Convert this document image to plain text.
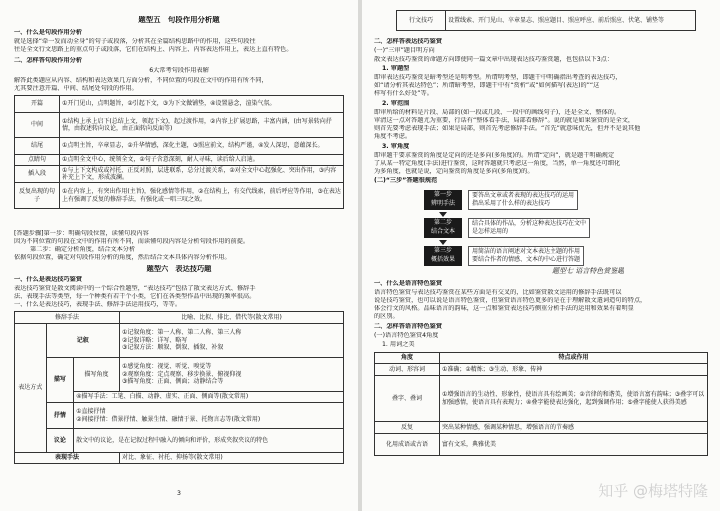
题型五　句段作用分析题
一、什么是句段作用分析
就是选择“牵一发而动全身”的句子或段落，分析其在全篇结构思路中的作用，这些句段往
往是全文行文思路上的重点句子或段落，它们在结构上、内容上、内容表达作用上，表达上直有特色。
二、怎样答句段作用分析
6大常考句段作用表解
解答此类题应从内容、结构和表达效果几方面分析，不同位置的句段在文中的作用有所不同，
尤其要注意开篇、中间、结尾处句段的作用。
开篇	①开门见山，点明题旨，②引起下文，③为下文做铺垫，④设置悬念，渲染气氛。
中间	①结构上承上启下(总结上文，领起下文)，起过渡作用，②内容上扩展思路，丰富内涵，(由写景转向抒情，由叙述转向议论，由正面转向反面等)
结尾	①点明主旨，卒章显志，②升华情感，深化主题，③照应前文，结构严谨，④发人深思，意蕴深长。
点睛句	①点明全文中心，统领全文，②句子含意深刻，耐人寻味，读后给人启迪。
插入段	①与上下文构成或衬托、正反对照，层进联系，总分过渡关系，②对全文中心起强化、突出作用，③内容补充上下文，形成波澜。
反复出现的句子	①在内容上，有突出作用(主旨)，强化感情等作用，②在结构上，有交代线索，前后呼应等作用，③在表达上有强调了反复的修辞手法，有强化或一唱三叹之效。
[答题步骤]第一步：明确句段位置，读懂句段内容
因为不同位置的句段在文中的作用有所不同，而读懂句段内容是分析句段作用的前提。
第二步：确定分析角度，结合文本分析
依据句段位置，确定对句段作用分析的角度，然后结合文本具体内容分析作用。
题型六　表达技巧题
一、什么是表达技巧鉴赏
表达技巧鉴赏是散文阅读中的一个综合性题型，“表达技巧”包括了散文表达方式、修辞手
法、表现手法等类型，每一个种类有若干个小类，它们在各类型作品中出现的频率很高。
一、什么是表达技巧，表现手法、修辞手法运用技巧，等等。
修辞手法			比喻、比拟、排比、借代等(散文常用)
表达方式	记叙		①记叙角度：第一人称、第二人称、第三人称
②记叙详略：详写、略写
③记叙方法：顺叙、倒叙、插叙、补叙
	描写	描写角度	①感觉角度：视觉、听觉、嗅觉等
②观察角度：定点观察、移步换景、俯视仰视
③描写角度：正面、侧面；动静结合等
		④描写手法：工笔、白描、动静、虚实、正面、侧面等(散文常用)	
	抒情	①直接抒情
②间接抒情：借景抒情、触景生情、融情于景、托物言志等(散文常用)	
	议论	散文中的议论，是在记叙过程中融入的倾向和评价，形成夹叙夹议的特色	
表现手法			对比、象征、衬托、抑扬等(散文常用)
3
行文技巧	设置线索、开门见山、卒章显志、照应题目、照应呼应、前后照应、伏笔、铺垫等
二、怎样答表达技巧鉴赏
(一)“三审”题目明方向
散文表达技巧鉴赏的命题方向即使同一篇文章中出现表达技巧鉴赏题，也包括以下3点：
1. 审题型
即审表达技巧鉴赏是暗考型还是明考型。所谓明考型，即题干中明确指出考查的表达技巧，
如“请分析其表达特色”；所谓暗考型，即题干中有“赏析”或“如何描写(表达)的”“这
样写有什么好处”等。
2. 审范围
即审所给的材料是片段、局部的(如一段或几段、一段中的画线句子)，还是全文、整体的。
审清这一点对答题尤为重要，行话有“整体看手法，局部看修辞”。说的就是如果鉴赏的是全文，
则首先要考虑表现手法；如果是局部，则首先考虑修辞手法。“首先”就意味优先，但并不是说其他
角度不考虑。
3. 审角度
即审题干要求鉴赏的角度是定向的还是多向(多角度)的。所谓“定向”，就是题干明确规定
了从某一特定角度(手法)进行鉴赏，这时答题就只考虑这一角度，当然，单一角度还可细化
为多角度，也就是说，定向鉴赏的角度是多向(多角度)的。
(二)“三步”答题很规范
第一步
辨明手法
要答出文章或者表现的表达技巧的运用
指出采用了什么样的表达技巧
第二步
结合文本
结合具体的作品，分析这种表达技巧在文中
是怎样运用的
第三步
概括效果
用简洁的语言阐述对文本表达主题的作用
要结合作者的情感、文本的中心进行答题
题型七 语言特色赏鉴题
一、什么是语言特色鉴赏
语言特色鉴赏与表达技巧鉴赏在某些方面是有交叉的，比如鉴赏散文运用的修辞手法既可以
说是技巧鉴赏，也可以说是语言特色鉴赏，但鉴赏语言特色更多的是在于理解散文遣词造句的特点，
体会行文的风格。品味语言的韵味，这一点和鉴赏表达技巧侧重分析手法的运用和效果有着明显
的区别。
二、怎样答语言特色鉴赏
(一)语言特色鉴赏4角度
1. 用词之美
角度	特点或作用
动词、形容词	①准确；②精炼；③生动、形象、传神
叠字、叠词	①增强语言的生动性、形象性，使语言具有绘画美；②音律的和谐美，使语言富有韵味；③叠字可以加强感情，使语言具有表现力；④叠字能使表达强化，起到强调作用；⑤叠字能使人获得美感
反复	突出某种情感，强调某种情思，增强语言的节奏感
化用成语或古语	富有文采，典雅优美
知乎 @梅塔特隆
